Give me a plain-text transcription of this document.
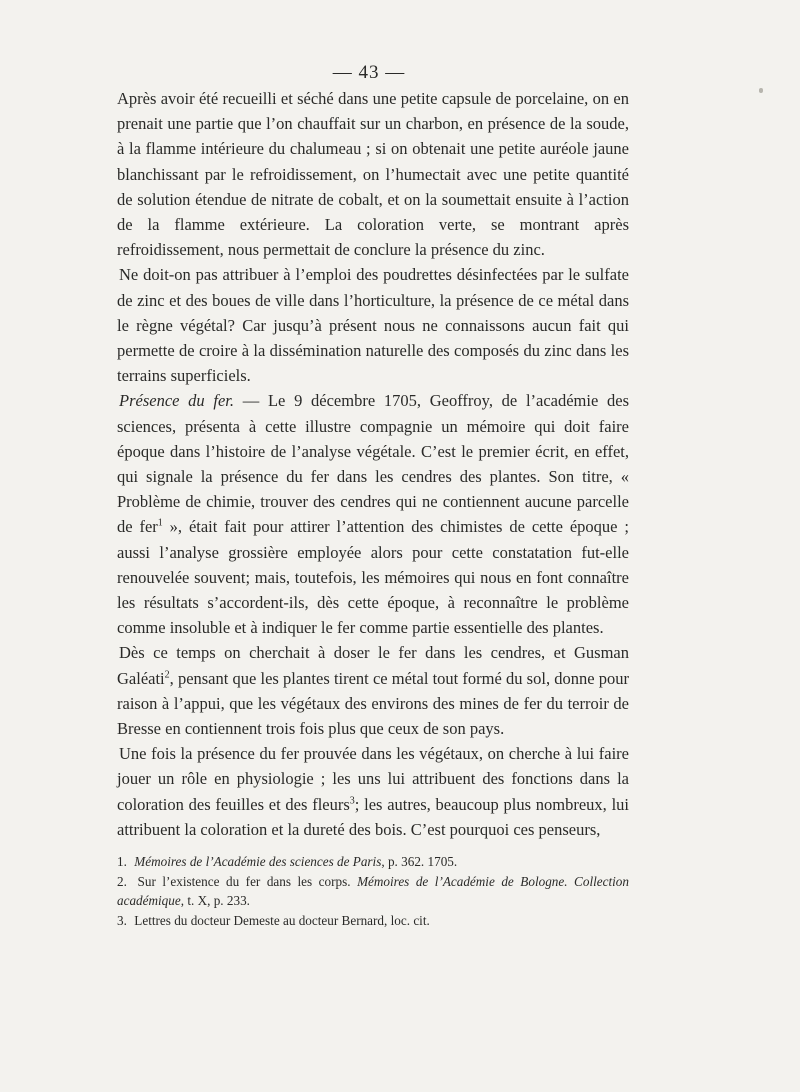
— 43 —

Après avoir été recueilli et séché dans une petite capsule de porcelaine, on en prenait une partie que l’on chauffait sur un charbon, en présence de la soude, à la flamme intérieure du chalumeau ; si on obtenait une petite auréole jaune blanchissant par le refroidissement, on l’humectait avec une petite quantité de solution étendue de nitrate de cobalt, et on la soumettait ensuite à l’action de la flamme extérieure. La coloration verte, se montrant après refroidissement, nous permettait de conclure la présence du zinc.

Ne doit-on pas attribuer à l’emploi des poudrettes désinfectées par le sulfate de zinc et des boues de ville dans l’horticulture, la présence de ce métal dans le règne végétal? Car jusqu’à présent nous ne connaissons aucun fait qui permette de croire à la dissémination naturelle des composés du zinc dans les terrains superficiels.

Présence du fer. — Le 9 décembre 1705, Geoffroy, de l’académie des sciences, présenta à cette illustre compagnie un mémoire qui doit faire époque dans l’histoire de l’analyse végétale. C’est le premier écrit, en effet, qui signale la présence du fer dans les cendres des plantes. Son titre, « Problème de chimie, trouver des cendres qui ne contiennent aucune parcelle de fer$^1$ », était fait pour attirer l’attention des chimistes de cette époque ; aussi l’analyse grossière employée alors pour cette constatation fut-elle renouvelée souvent; mais, toutefois, les mémoires qui nous en font connaître les résultats s’accordent-ils, dès cette époque, à reconnaître le problème comme insoluble et à indiquer le fer comme partie essentielle des plantes.

Dès ce temps on cherchait à doser le fer dans les cendres, et Gusman Galéati$^2$, pensant que les plantes tirent ce métal tout formé du sol, donne pour raison à l’appui, que les végétaux des environs des mines de fer du terroir de Bresse en contiennent trois fois plus que ceux de son pays.

Une fois la présence du fer prouvée dans les végétaux, on cherche à lui faire jouer un rôle en physiologie ; les uns lui attribuent des fonctions dans la coloration des feuilles et des fleurs$^3$; les autres, beaucoup plus nombreux, lui attribuent la coloration et la dureté des bois. C’est pourquoi ces penseurs,

1. Mémoires de l’Académie des sciences de Paris, p. 362. 1705.

2. Sur l’existence du fer dans les corps. Mémoires de l’Académie de Bologne. Collection académique, t. X, p. 233.

3. Lettres du docteur Demeste au docteur Bernard, loc. cit.
